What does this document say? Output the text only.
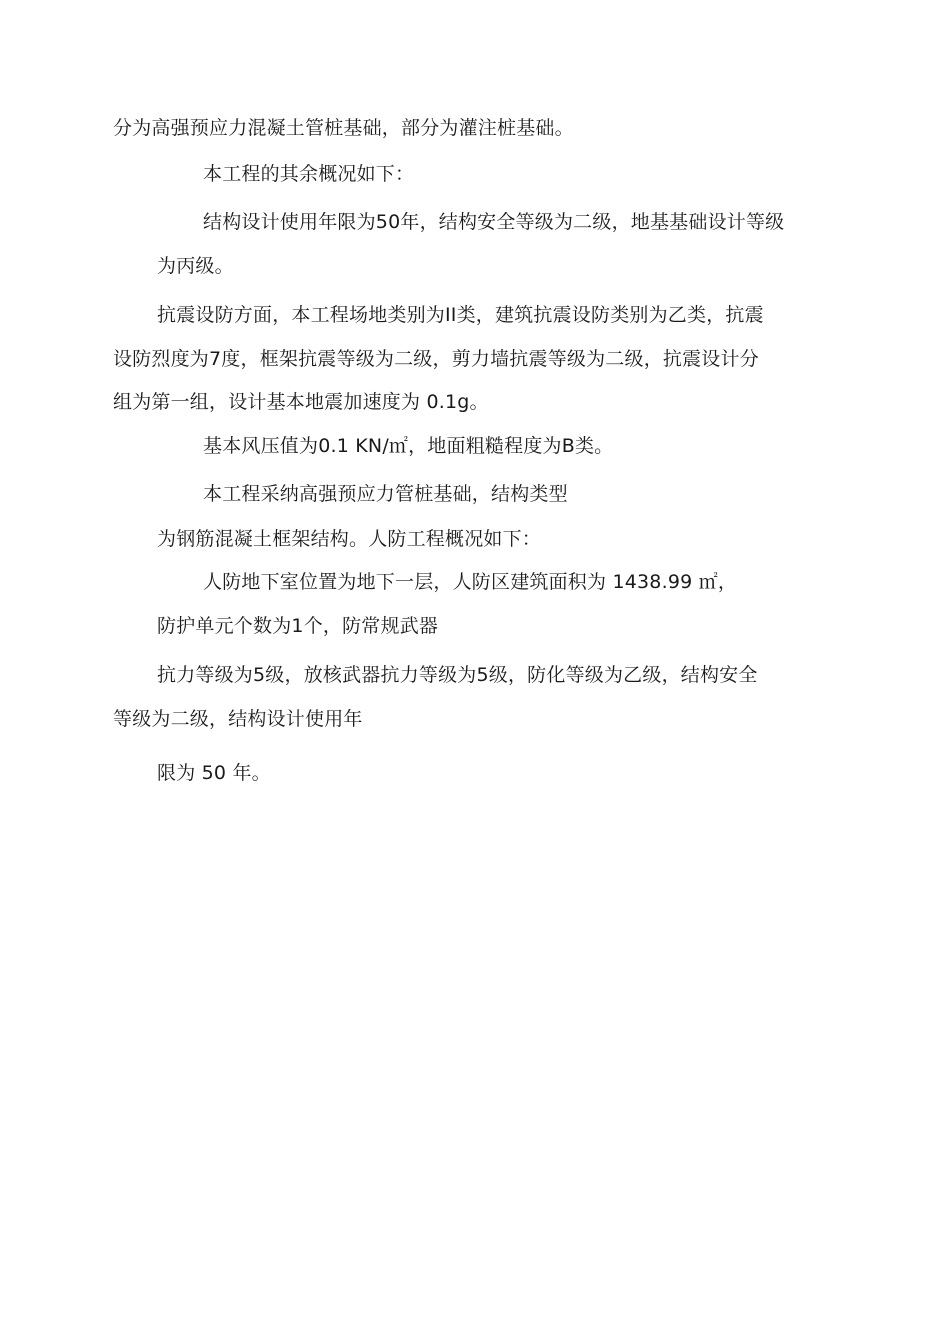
分为高强预应力混凝土管桩基础，部分为灌注桩基础。
本工程的其余概况如下：
结构设计使用年限为50年，结构安全等级为二级，地基基础设计等级
为丙级。
抗震设防方面，本工程场地类别为II类，建筑抗震设防类别为乙类，抗震
设防烈度为7度，框架抗震等级为二级，剪力墙抗震等级为二级，抗震设计分
组为第一组，设计基本地震加速度为 0.1g。
基本风压值为0.1 KN/㎡，地面粗糙程度为B类。
本工程采纳高强预应力管桩基础，结构类型
为钢筋混凝土框架结构。人防工程概况如下：
人防地下室位置为地下一层，人防区建筑面积为 1438.99 ㎡，
防护单元个数为1个，防常规武器
抗力等级为5级，放核武器抗力等级为5级，防化等级为乙级，结构安全
等级为二级，结构设计使用年
限为 50 年。
